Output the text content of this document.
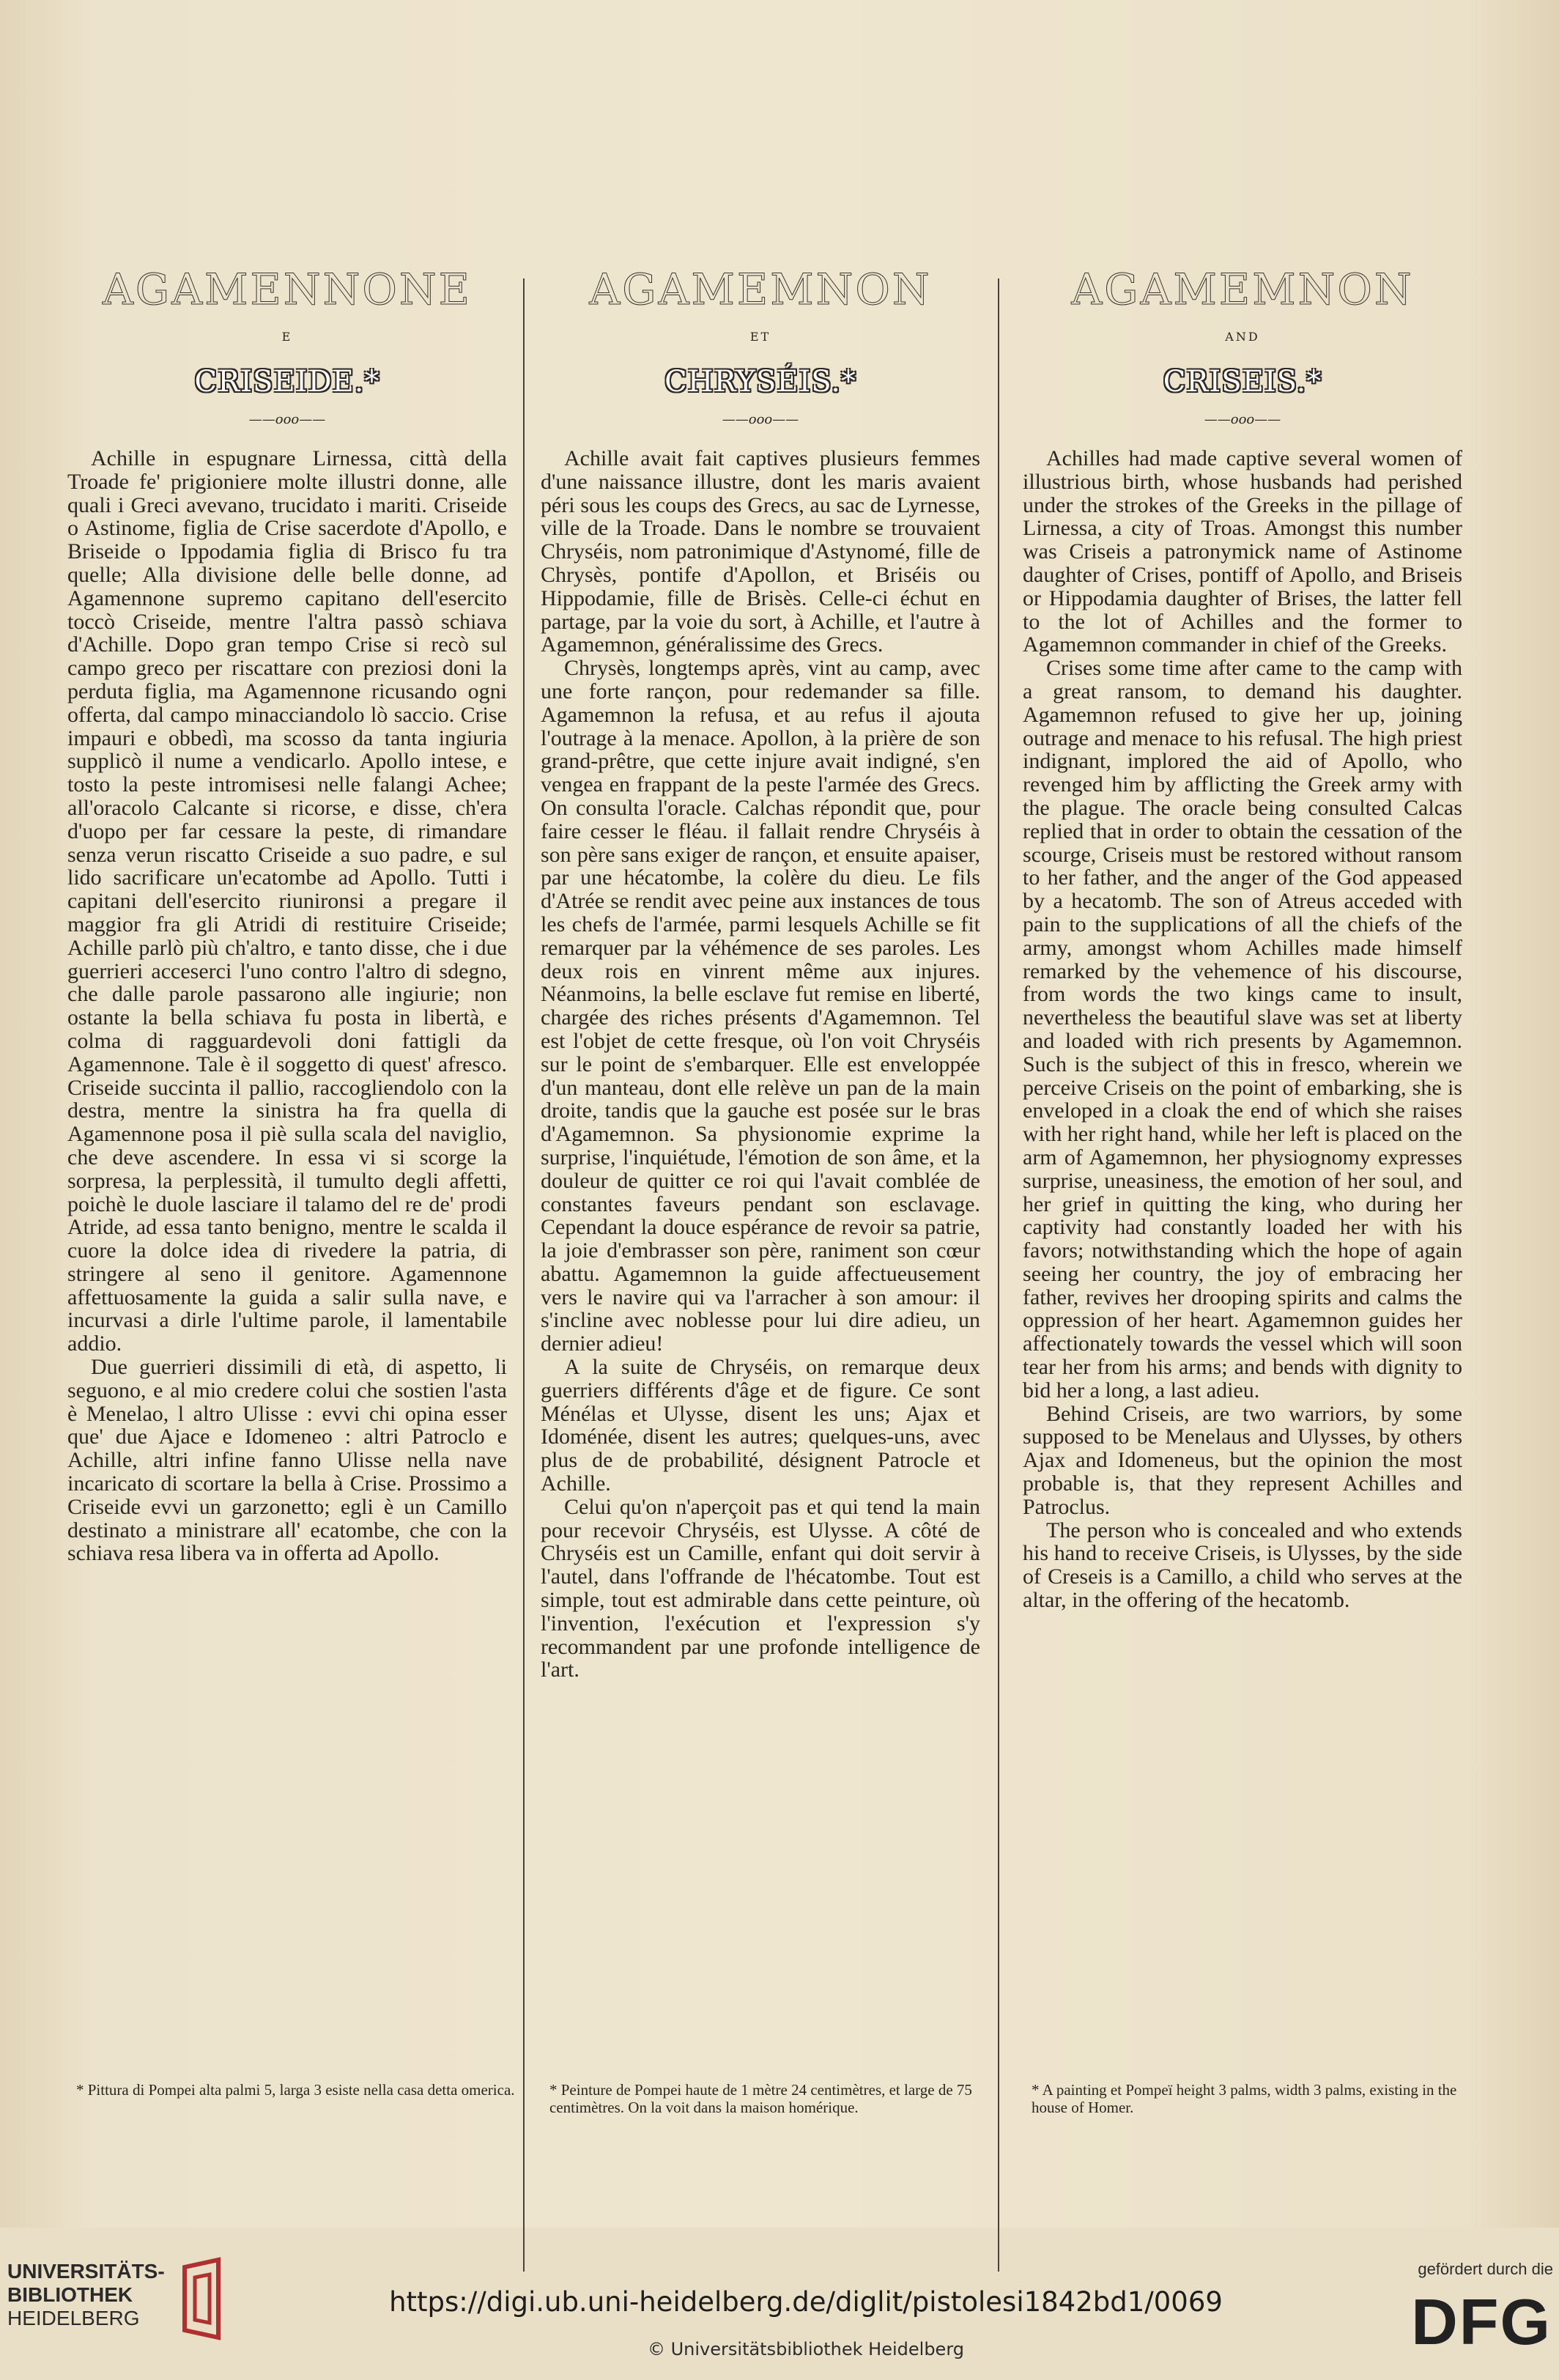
AGAMENNONE
E
CRISEIDE.*
——ooo——

Achille in espugnare Lirnessa, città della Troade fe' prigioniere molte illustri donne, alle quali i Greci avevano, trucidato i mariti. Criseide o Astinome, figlia de Crise sacerdote d'Apollo, e Briseide o Ippodamia figlia di Brisco fu tra quelle; Alla divisione delle belle donne, ad Agamennone supremo capitano dell'esercito toccò Criseide, mentre l'altra passò schiava d'Achille. Dopo gran tempo Crise si recò sul campo greco per riscattare con preziosi doni la perduta figlia, ma Agamennone ricusando ogni offerta, dal campo minacciandolo lò saccio. Crise impauri e obbedì, ma scosso da tanta ingiuria supplicò il nume a vendicarlo. Apollo intese, e tosto la peste intromisesi nelle falangi Achee; all'oracolo Calcante si ricorse, e disse, ch'era d'uopo per far cessare la peste, di rimandare senza verun riscatto Criseide a suo padre, e sul lido sacrificare un'ecatombe ad Apollo. Tutti i capitani dell'esercito riunironsi a pregare il maggior fra gli Atridi di restituire Criseide; Achille parlò più ch'altro, e tanto disse, che i due guerrieri acceserci l'uno contro l'altro di sdegno, che dalle parole passarono alle ingiurie; non ostante la bella schiava fu posta in libertà, e colma di ragguardevoli doni fattigli da Agamennone. Tale è il soggetto di quest' afresco. Criseide succinta il pallio, raccogliendolo con la destra, mentre la sinistra ha fra quella di Agamennone posa il piè sulla scala del naviglio, che deve ascendere. In essa vi si scorge la sorpresa, la perplessità, il tumulto degli affetti, poichè le duole lasciare il talamo del re de' prodi Atride, ad essa tanto benigno, mentre le scalda il cuore la dolce idea di rivedere la patria, di stringere al seno il genitore. Agamennone affettuosamente la guida a salir sulla nave, e incurvasi a dirle l'ultime parole, il lamentabile addio.

Due guerrieri dissimili di età, di aspetto, li seguono, e al mio credere colui che sostien l'asta è Menelao, l altro Ulisse : evvi chi opina esser que' due Ajace e Idomeneo : altri Patroclo e Achille, altri infine fanno Ulisse nella nave incaricato di scortare la bella à Crise. Prossimo a Criseide evvi un garzonetto; egli è un Camillo destinato a ministrare all' ecatombe, che con la schiava resa libera va in offerta ad Apollo.

AGAMEMNON
ET
CHRYSÉIS.*
——ooo——

Achille avait fait captives plusieurs femmes d'une naissance illustre, dont les maris avaient péri sous les coups des Grecs, au sac de Lyrnesse, ville de la Troade. Dans le nombre se trouvaient Chryséis, nom patronimique d'Astynomé, fille de Chrysès, pontife d'Apollon, et Briséis ou Hippodamie, fille de Brisès. Celle-ci échut en partage, par la voie du sort, à Achille, et l'autre à Agamemnon, généralissime des Grecs.

Chrysès, longtemps après, vint au camp, avec une forte rançon, pour redemander sa fille. Agamemnon la refusa, et au refus il ajouta l'outrage à la menace. Apollon, à la prière de son grand-prêtre, que cette injure avait indigné, s'en vengea en frappant de la peste l'armée des Grecs. On consulta l'oracle. Calchas répondit que, pour faire cesser le fléau. il fallait rendre Chryséis à son père sans exiger de rançon, et ensuite apaiser, par une hécatombe, la colère du dieu. Le fils d'Atrée se rendit avec peine aux instances de tous les chefs de l'armée, parmi lesquels Achille se fit remarquer par la véhémence de ses paroles. Les deux rois en vinrent même aux injures. Néanmoins, la belle esclave fut remise en liberté, chargée des riches présents d'Agamemnon. Tel est l'objet de cette fresque, où l'on voit Chryséis sur le point de s'embarquer. Elle est enveloppée d'un manteau, dont elle relève un pan de la main droite, tandis que la gauche est posée sur le bras d'Agamemnon. Sa physionomie exprime la surprise, l'inquiétude, l'émotion de son âme, et la douleur de quitter ce roi qui l'avait comblée de constantes faveurs pendant son esclavage. Cependant la douce espérance de revoir sa patrie, la joie d'embrasser son père, raniment son cœur abattu. Agamemnon la guide affectueusement vers le navire qui va l'arracher à son amour: il s'incline avec noblesse pour lui dire adieu, un dernier adieu!

A la suite de Chryséis, on remarque deux guerriers différents d'âge et de figure. Ce sont Ménélas et Ulysse, disent les uns; Ajax et Idoménée, disent les autres; quelques-uns, avec plus de de probabilité, désignent Patrocle et Achille.

Celui qu'on n'aperçoit pas et qui tend la main pour recevoir Chryséis, est Ulysse. A côté de Chryséis est un Camille, enfant qui doit servir à l'autel, dans l'offrande de l'hécatombe. Tout est simple, tout est admirable dans cette peinture, où l'invention, l'exécution et l'expression s'y recommandent par une profonde intelligence de l'art.

AGAMEMNON
AND
CRISEIS.*
——ooo——

Achilles had made captive several women of illustrious birth, whose husbands had perished under the strokes of the Greeks in the pillage of Lirnessa, a city of Troas. Amongst this number was Criseis a patronymick name of Astinome daughter of Crises, pontiff of Apollo, and Briseis or Hippodamia daughter of Brises, the latter fell to the lot of Achilles and the former to Agamemnon commander in chief of the Greeks.

Crises some time after came to the camp with a great ransom, to demand his daughter. Agamemnon refused to give her up, joining outrage and menace to his refusal. The high priest indignant, implored the aid of Apollo, who revenged him by afflicting the Greek army with the plague. The oracle being consulted Calcas replied that in order to obtain the cessation of the scourge, Criseis must be restored without ransom to her father, and the anger of the God appeased by a hecatomb. The son of Atreus acceded with pain to the supplications of all the chiefs of the army, amongst whom Achilles made himself remarked by the vehemence of his discourse, from words the two kings came to insult, nevertheless the beautiful slave was set at liberty and loaded with rich presents by Agamemnon. Such is the subject of this in fresco, wherein we perceive Criseis on the point of embarking, she is enveloped in a cloak the end of which she raises with her right hand, while her left is placed on the arm of Agamemnon, her physiognomy expresses surprise, uneasiness, the emotion of her soul, and her grief in quitting the king, who during her captivity had constantly loaded her with his favors; notwithstanding which the hope of again seeing her country, the joy of embracing her father, revives her drooping spirits and calms the oppression of her heart. Agamemnon guides her affectionately towards the vessel which will soon tear her from his arms; and bends with dignity to bid her a long, a last adieu.

Behind Criseis, are two warriors, by some supposed to be Menelaus and Ulysses, by others Ajax and Idomeneus, but the opinion the most probable is, that they represent Achilles and Patroclus.

The person who is concealed and who extends his hand to receive Criseis, is Ulysses, by the side of Creseis is a Camillo, a child who serves at the altar, in the offering of the hecatomb.

* Pittura di Pompei alta palmi 5, larga 3 esiste nella casa detta omerica.	* Peinture de Pompei haute de 1 mètre 24 centimètres, et large de 75 centimètres. On la voit dans la maison homérique.
* A painting et Pompeï height 3 palms, width 3 palms, existing in the house of Homer.
UNIVERSITÄTS-
BIBLIOTHEK
HEIDELBERG
https://digi.ub.uni-heidelberg.de/diglit/pistolesi1842bd1/0069
© Universitätsbibliothek Heidelberg
gefördert durch die
DFG
